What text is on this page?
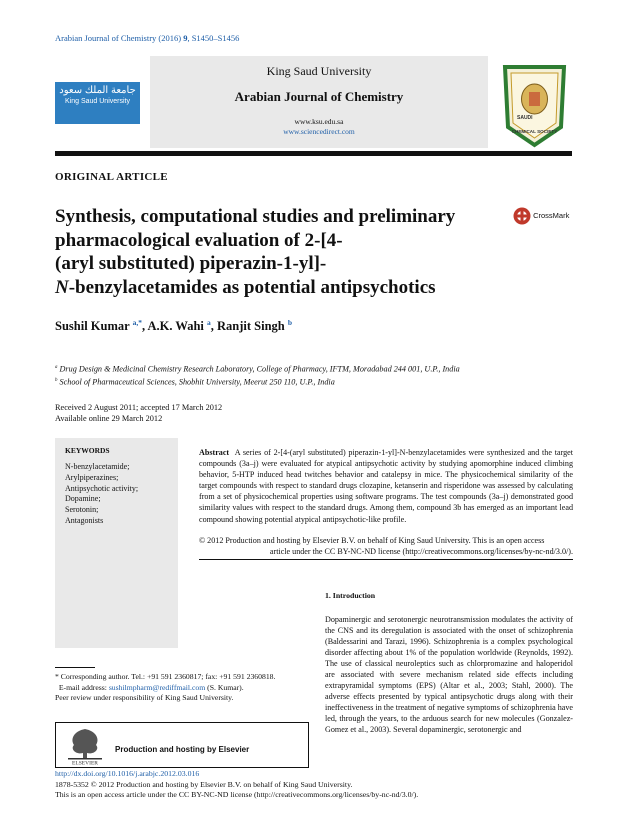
Arabian Journal of Chemistry (2016) 9, S1450–S1456
جامعة الملك سعود
King Saud University
King Saud University
Arabian Journal of Chemistry
www.ksu.edu.sa
www.sciencedirect.com
SAUDI
CHEMICAL SOCIETY
ORIGINAL ARTICLE
Synthesis, computational studies and preliminary
pharmacological evaluation of 2-[4-
(aryl substituted) piperazin-1-yl]-
N-benzylacetamides as potential antipsychotics
CrossMark
Sushil Kumar $^{a,*}$, A.K. Wahi $^a$, Ranjit Singh $^b$
$^a$ Drug Design & Medicinal Chemistry Research Laboratory, College of Pharmacy, IFTM, Moradabad 244 001, U.P., India
$^b$ School of Pharmaceutical Sciences, Shobhit University, Meerut 250 110, U.P., India
Received 2 August 2011; accepted 17 March 2012
Available online 29 March 2012
KEYWORDS
N-benzylacetamide;
Arylpiperazines;
Antipsychotic activity;
Dopamine;
Serotonin;
Antagonists
Abstract A series of 2-[4-(aryl substituted) piperazin-1-yl]-N-benzylacetamides were synthesized and the target compounds (3a–j) were evaluated for atypical antipsychotic activity by studying apomorphine induced climbing behavior, 5-HTP induced head twitches behavior and catalepsy in mice. The physicochemical similarity of the target compounds with respect to standard drugs clozapine, ketanserin and risperidone was assessed by calculating from a set of physicochemical properties using software programs. The test compounds (3a–j) demonstrated good similarity values with respect to the standard drugs. Among them, compound 3b has emerged as an important lead compound showing potential atypical antipsychotic-like profile.
© 2012 Production and hosting by Elsevier B.V. on behalf of King Saud University. This is an open access
article under the CC BY-NC-ND license (http://creativecommons.org/licenses/by-nc-nd/3.0/).
1. Introduction
Dopaminergic and serotonergic neurotransmission modulates the activity of the CNS and its deregulation is associated with the onset of schizophrenia (Baldessarini and Tarazi, 1996). Schizophrenia is a complex psychological disorder affecting about 1% of the population worldwide (Reynolds, 1992). The use of classical neuroleptics such as chlorpromazine and haloperidol are associated with severe mechanism related side effects including extrapyramidal symptoms (EPS) (Altar et al., 2003; Stahl, 2000). The adverse effects presented by typical antipsychotic drugs along with their ineffectiveness in the treatment of negative symptoms of schizophrenia have led, through the years, to the arduous search for new molecules (Gonzalez-Gomez et al., 2003). Several dopaminergic, serotonergic and
* Corresponding author. Tel.: +91 591 2360817; fax: +91 591 2360818.
E-mail address: sushilmpharm@rediffmail.com (S. Kumar).
Peer review under responsibility of King Saud University.
ELSEVIER
Production and hosting by Elsevier
http://dx.doi.org/10.1016/j.arabjc.2012.03.016
1878-5352 © 2012 Production and hosting by Elsevier B.V. on behalf of King Saud University.
This is an open access article under the CC BY-NC-ND license (http://creativecommons.org/licenses/by-nc-nd/3.0/).
